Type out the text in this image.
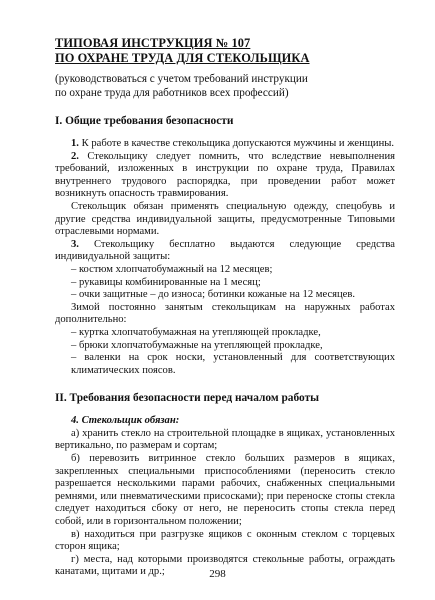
ТИПОВАЯ ИНСТРУКЦИЯ № 107
ПО ОХРАНЕ ТРУДА ДЛЯ СТЕКОЛЬЩИКА
(руководствоваться с учетом требований инструкции
по охране труда для работников всех профессий)
I. Общие требования безопасности

1. К работе в качестве стекольщика допускаются мужчины и женщины.

2. Стекольщику следует помнить, что вследствие невыполнения требований, изложенных в инструкции по охране труда, Правилах внутреннего трудового распорядка, при проведении работ может возникнуть опасность травмирования.

Стекольщик обязан применять специальную одежду, спецобувь и другие средства индивидуальной защиты, предусмотренные Типовыми отраслевыми нормами.

3. Стекольщику бесплатно выдаются следующие средства индивидуальной защиты:

– костюм хлопчатобумажный на 12 месяцев;

– рукавицы комбинированные на 1 месяц;

– очки защитные – до износа; ботинки кожаные на 12 месяцев.

Зимой постоянно занятым стекольщикам на наружных работах дополнительно:

– куртка хлопчатобумажная на утепляющей прокладке,

– брюки хлопчатобумажные на утепляющей прокладке,

– валенки на срок носки, установленный для соответствующих климатических поясов.

II. Требования безопасности перед началом работы

4. Стекольщик обязан:

а) хранить стекло на строительной площадке в ящиках, установленных вертикально, по размерам и сортам;

б) перевозить витринное стекло больших размеров в ящиках, закрепленных специальными приспособлениями (переносить стекло разрешается несколькими парами рабочих, снабженных специальными ремнями, или пневматическими присосками); при переноске стопы стекла следует находиться сбоку от него, не переносить стопы стекла перед собой, или в горизонтальном положении;

в) находиться при разгрузке ящиков с оконным стеклом с торцевых сторон ящика;

г) места, над которыми производятся стекольные работы, ограждать канатами, щитами и др.;	298
